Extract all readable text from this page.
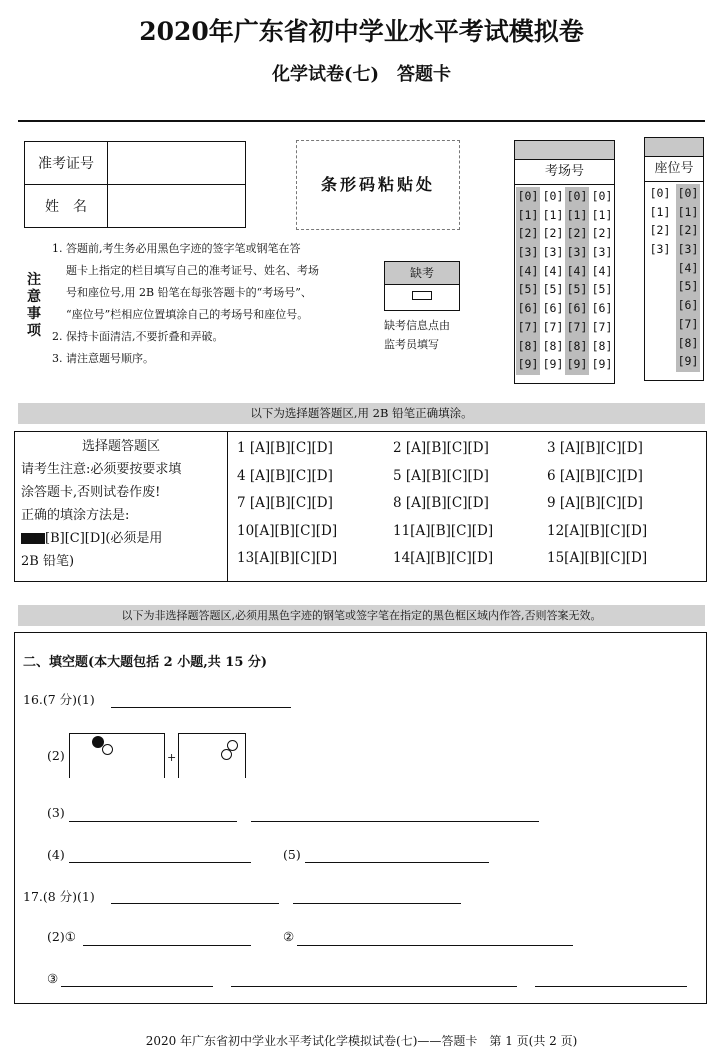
2020年广东省初中学业水平考试模拟卷
化学试卷(七)　答题卡
准考证号	
姓　名	
条形码粘贴处
注
意
事
项
1. 答题前,考生务必用黑色字迹的签字笔或钢笔在答
题卡上指定的栏目填写自己的准考证号、姓名、考场
号和座位号,用 2B 铅笔在每张答题卡的“考场号”、
“座位号”栏相应位置填涂自己的考场号和座位号。
2. 保持卡面清洁,不要折叠和弄破。
3. 请注意题号顺序。
缺考
缺考信息点由
监考员填写
考场号
[0]
[1]
[2]
[3]
[4]
[5]
[6]
[7]
[8]
[9]
[0]
[1]
[2]
[3]
[4]
[5]
[6]
[7]
[8]
[9]
[0]
[1]
[2]
[3]
[4]
[5]
[6]
[7]
[8]
[9]
[0]
[1]
[2]
[3]
[4]
[5]
[6]
[7]
[8]
[9]
座位号
[0]
[1]
[2]
[3]
[0]
[1]
[2]
[3]
[4]
[5]
[6]
[7]
[8]
[9]
以下为选择题答题区,用 2B 铅笔正确填涂。
选择题答题区
请考生注意:必须要按要求填
涂答题卡,否则试卷作废!
正确的填涂方法是:
[A] [B][C][D](必须是用
2B 铅笔)
1 [A][B][C][D]	2 [A][B][C][D]	3 [A][B][C][D]
4 [A][B][C][D]	5 [A][B][C][D]	6 [A][B][C][D]
7 [A][B][C][D]	8 [A][B][C][D]	9 [A][B][C][D]
10[A][B][C][D]	11[A][B][C][D]	12[A][B][C][D]
13[A][B][C][D]	14[A][B][C][D]	15[A][B][C][D]
以下为非选择题答题区,必须用黑色字迹的钢笔或签字笔在指定的黑色框区域内作答,否则答案无效。
二、填空题(本大题包括 2 小题,共 15 分)
16.(7 分)(1)
(2)	+
(3)
(4)	(5)
17.(8 分)(1)
(2)①	②
③
2020 年广东省初中学业水平考试化学模拟试卷(七)——答题卡　第 1 页(共 2 页)
